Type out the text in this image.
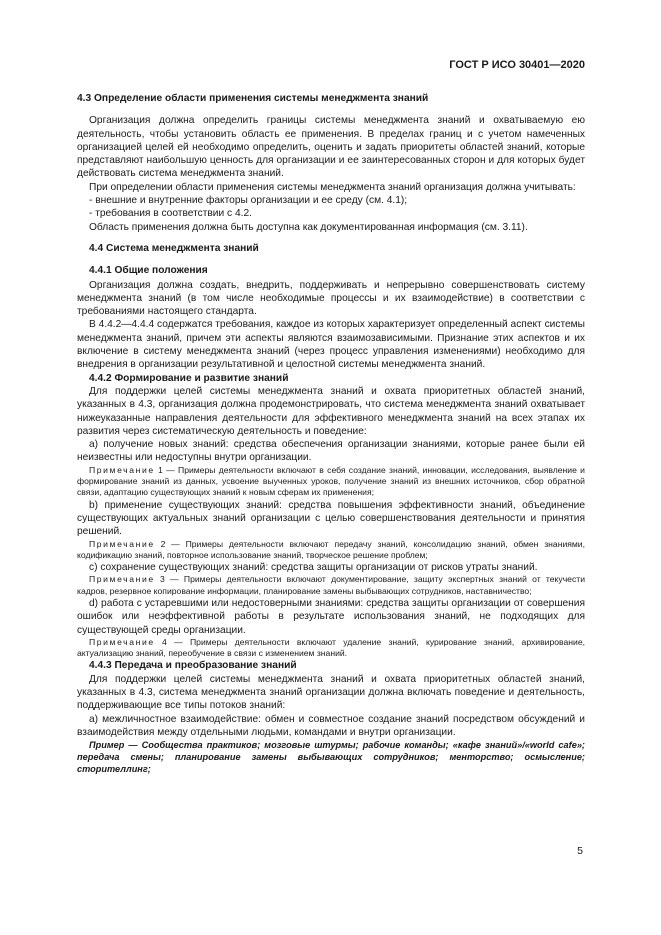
ГОСТ Р ИСО 30401—2020

4.3 Определение области применения системы менеджмента знаний

Организация должна определить границы системы менеджмента знаний и охватываемую ею деятельность, чтобы установить область ее применения. В пределах границ и с учетом намеченных организацией целей ей необходимо определить, оценить и задать приоритеты областей знаний, которые представляют наибольшую ценность для организации и ее заинтересованных сторон и для которых будет действовать система менеджмента знаний.

При определении области применения системы менеджмента знаний организация должна учитывать:

- внешние и внутренние факторы организации и ее среду (см. 4.1);

- требования в соответствии с 4.2.

Область применения должна быть доступна как документированная информация (см. 3.11).

4.4 Система менеджмента знаний

4.4.1 Общие положения

Организация должна создать, внедрить, поддерживать и непрерывно совершенствовать систему менеджмента знаний (в том числе необходимые процессы и их взаимодействие) в соответствии с требованиями настоящего стандарта.

В 4.4.2—4.4.4 содержатся требования, каждое из которых характеризует определенный аспект системы менеджмента знаний, причем эти аспекты являются взаимозависимыми. Признание этих аспектов и их включение в систему менеджмента знаний (через процесс управления изменениями) необходимо для внедрения в организации результативной и целостной системы менеджмента знаний.

4.4.2 Формирование и развитие знаний

Для поддержки целей системы менеджмента знаний и охвата приоритетных областей знаний, указанных в 4.3, организация должна продемонстрировать, что система менеджмента знаний охватывает нижеуказанные направления деятельности для эффективного менеджмента знаний на всех этапах их развития через систематическую деятельность и поведение:

а) получение новых знаний: средства обеспечения организации знаниями, которые ранее были ей неизвестны или недоступны внутри организации.

Примечание 1 — Примеры деятельности включают в себя создание знаний, инновации, исследования, выявление и формирование знаний из данных, усвоение выученных уроков, получение знаний из внешних источников, сбор обратной связи, адаптацию существующих знаний к новым сферам их применения;

b) применение существующих знаний: средства повышения эффективности знаний, объединение существующих актуальных знаний организации с целью совершенствования деятельности и принятия решений.

Примечание 2 — Примеры деятельности включают передачу знаний, консолидацию знаний, обмен знаниями, кодификацию знаний, повторное использование знаний, творческое решение проблем;

с) сохранение существующих знаний: средства защиты организации от рисков утраты знаний.

Примечание 3 — Примеры деятельности включают документирование, защиту экспертных знаний от текучести кадров, резервное копирование информации, планирование замены выбывающих сотрудников, наставничество;

d) работа с устаревшими или недостоверными знаниями: средства защиты организации от совершения ошибок или неэффективной работы в результате использования знаний, не подходящих для существующей среды организации.

Примечание 4 — Примеры деятельности включают удаление знаний, курирование знаний, архивирование, актуализацию знаний, переобучение в связи с изменением знаний.

4.4.3 Передача и преобразование знаний

Для поддержки целей системы менеджмента знаний и охвата приоритетных областей знаний, указанных в 4.3, система менеджмента знаний организации должна включать поведение и деятельность, поддерживающие все типы потоков знаний:

а) межличностное взаимодействие: обмен и совместное создание знаний посредством обсуждений и взаимодействия между отдельными людьми, командами и внутри организации.

Пример — Сообщества практиков; мозговые штурмы; рабочие команды; «кафе знаний»/«world cafe»; передача смены; планирование замены выбывающих сотрудников; менторство; осмысление; сторителлинг;

5
